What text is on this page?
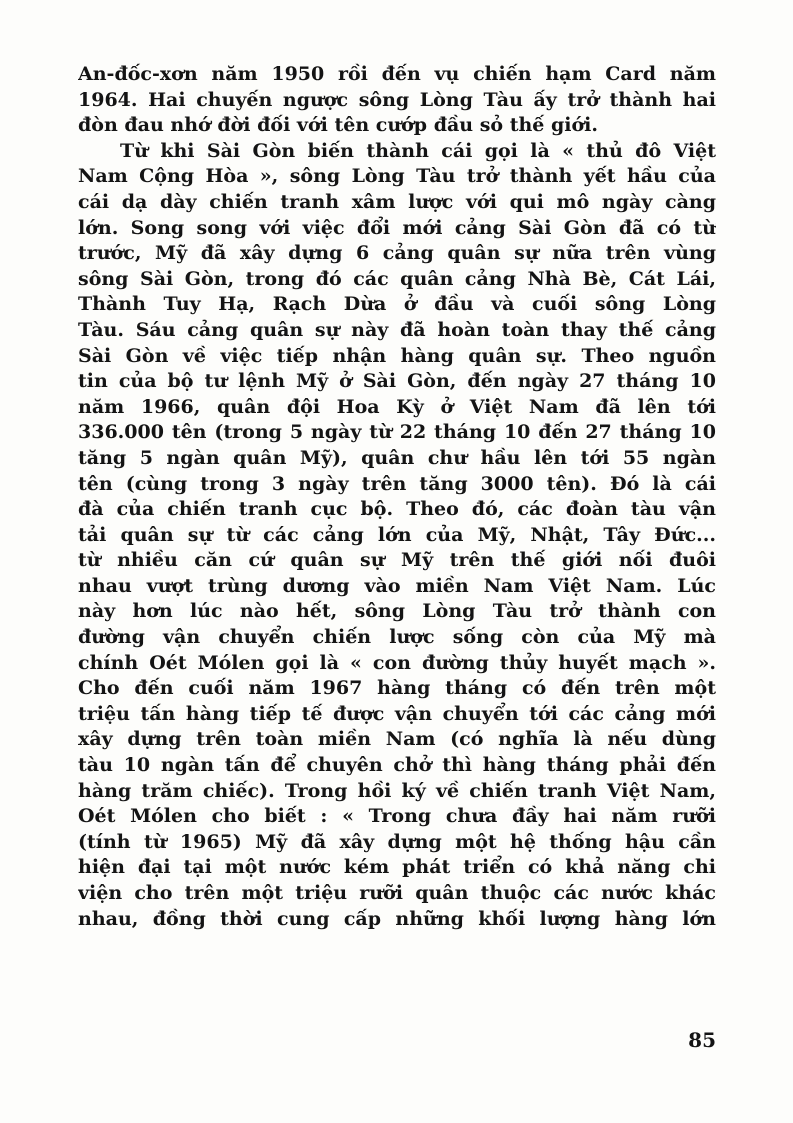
An-đốc-xơn năm 1950 rồi đến vụ chiến hạm Card năm
1964. Hai chuyến ngược sông Lòng Tàu ấy trở thành hai
đòn đau nhớ đời đối với tên cướp đầu sỏ thế giới.
Từ khi Sài Gòn biến thành cái gọi là « thủ đô Việt
Nam Cộng Hòa », sông Lòng Tàu trở thành yết hầu của
cái dạ dày chiến tranh xâm lược với qui mô ngày càng
lớn. Song song với việc đổi mới cảng Sài Gòn đã có từ
trước, Mỹ đã xây dựng 6 cảng quân sự nữa trên vùng
sông Sài Gòn, trong đó các quân cảng Nhà Bè, Cát Lái,
Thành Tuy Hạ, Rạch Dừa ở đầu và cuối sông Lòng
Tàu. Sáu cảng quân sự này đã hoàn toàn thay thế cảng
Sài Gòn về việc tiếp nhận hàng quân sự. Theo nguồn
tin của bộ tư lệnh Mỹ ở Sài Gòn, đến ngày 27 tháng 10
năm 1966, quân đội Hoa Kỳ ở Việt Nam đã lên tới
336.000 tên (trong 5 ngày từ 22 tháng 10 đến 27 tháng 10
tăng 5 ngàn quân Mỹ), quân chư hầu lên tới 55 ngàn
tên (cùng trong 3 ngày trên tăng 3000 tên). Đó là cái
đà của chiến tranh cục bộ. Theo đó, các đoàn tàu vận
tải quân sự từ các cảng lớn của Mỹ, Nhật, Tây Đức...
từ nhiều căn cứ quân sự Mỹ trên thế giới nối đuôi
nhau vượt trùng dương vào miền Nam Việt Nam. Lúc
này hơn lúc nào hết, sông Lòng Tàu trở thành con
đường vận chuyển chiến lược sống còn của Mỹ mà
chính Oét Mólen gọi là « con đường thủy huyết mạch ».
Cho đến cuối năm 1967 hàng tháng có đến trên một
triệu tấn hàng tiếp tế được vận chuyển tới các cảng mới
xây dựng trên toàn miền Nam (có nghĩa là nếu dùng
tàu 10 ngàn tấn để chuyên chở thì hàng tháng phải đến
hàng trăm chiếc). Trong hồi ký về chiến tranh Việt Nam,
Oét Mólen cho biết : « Trong chưa đầy hai năm rưỡi
(tính từ 1965) Mỹ đã xây dựng một hệ thống hậu cần
hiện đại tại một nước kém phát triển có khả năng chi
viện cho trên một triệu rưỡi quân thuộc các nước khác
nhau, đồng thời cung cấp những khối lượng hàng lớn
85
